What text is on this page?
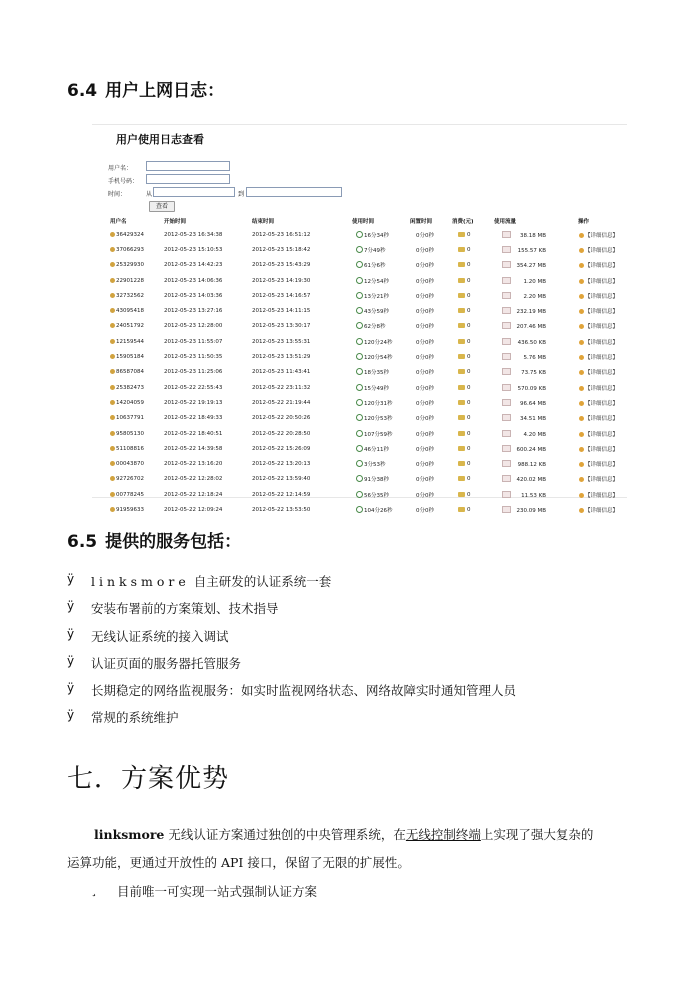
6.4 用户上网日志：
用户使用日志查看
用户名：
手机号码：
时间：	从	到
查看
用户名	开始时间	结束时间	使用时间	闲置时间	消费(元)	使用流量	操作
36429324	2012-05-23 16:34:38	2012-05-23 16:51:12	16分34秒	0分0秒	0	38.18 MB	【详细信息】
37066293	2012-05-23 15:10:53	2012-05-23 15:18:42	7分49秒	0分0秒	0	155.57 KB	【详细信息】
25329930	2012-05-23 14:42:23	2012-05-23 15:43:29	61分6秒	0分0秒	0	354.27 MB	【详细信息】
22901228	2012-05-23 14:06:36	2012-05-23 14:19:30	12分54秒	0分0秒	0	1.20 MB	【详细信息】
32732562	2012-05-23 14:03:36	2012-05-23 14:16:57	13分21秒	0分0秒	0	2.20 MB	【详细信息】
43095418	2012-05-23 13:27:16	2012-05-23 14:11:15	43分59秒	0分0秒	0	232.19 MB	【详细信息】
24051792	2012-05-23 12:28:00	2012-05-23 13:30:17	62分8秒	0分0秒	0	207.46 MB	【详细信息】
12159544	2012-05-23 11:55:07	2012-05-23 13:55:31	120分24秒	0分0秒	0	436.50 KB	【详细信息】
15905184	2012-05-23 11:50:35	2012-05-23 13:51:29	120分54秒	0分0秒	0	5.76 MB	【详细信息】
86587084	2012-05-23 11:25:06	2012-05-23 11:43:41	18分35秒	0分0秒	0	73.75 KB	【详细信息】
25382473	2012-05-22 22:55:43	2012-05-22 23:11:32	15分49秒	0分0秒	0	570.09 KB	【详细信息】
14204059	2012-05-22 19:19:13	2012-05-22 21:19:44	120分31秒	0分0秒	0	96.64 MB	【详细信息】
10637791	2012-05-22 18:49:33	2012-05-22 20:50:26	120分53秒	0分0秒	0	34.51 MB	【详细信息】
95805130	2012-05-22 18:40:51	2012-05-22 20:28:50	107分59秒	0分0秒	0	4.20 MB	【详细信息】
51108816	2012-05-22 14:39:58	2012-05-22 15:26:09	46分11秒	0分0秒	0	600.24 MB	【详细信息】
00043870	2012-05-22 13:16:20	2012-05-22 13:20:13	3分53秒	0分0秒	0	988.12 KB	【详细信息】
92726702	2012-05-22 12:28:02	2012-05-22 13:59:40	91分38秒	0分0秒	0	420.02 MB	【详细信息】
00778245	2012-05-22 12:18:24	2012-05-22 12:14:59	56分35秒	0分0秒	0	11.53 KB	【详细信息】
91959633	2012-05-22 12:09:24	2012-05-22 13:53:50	104分26秒	0分0秒	0	230.09 MB	【详细信息】
6.5 提供的服务包括：
ÿ linksmore 自主研发的认证系统一套
ÿ 安装布署前的方案策划、技术指导
ÿ 无线认证系统的接入调试
ÿ 认证页面的服务器托管服务
ÿ 长期稳定的网络监视服务：如实时监视网络状态、网络故障实时通知管理人员
ÿ 常规的系统维护
七．方案优势

linksmore 无线认证方案通过独创的中央管理系统，在无线控制终端上实现了强大复杂的

运算功能，更通过开放性的 API 接口，保留了无限的扩展性。

¸ 目前唯一可实现一站式强制认证方案
